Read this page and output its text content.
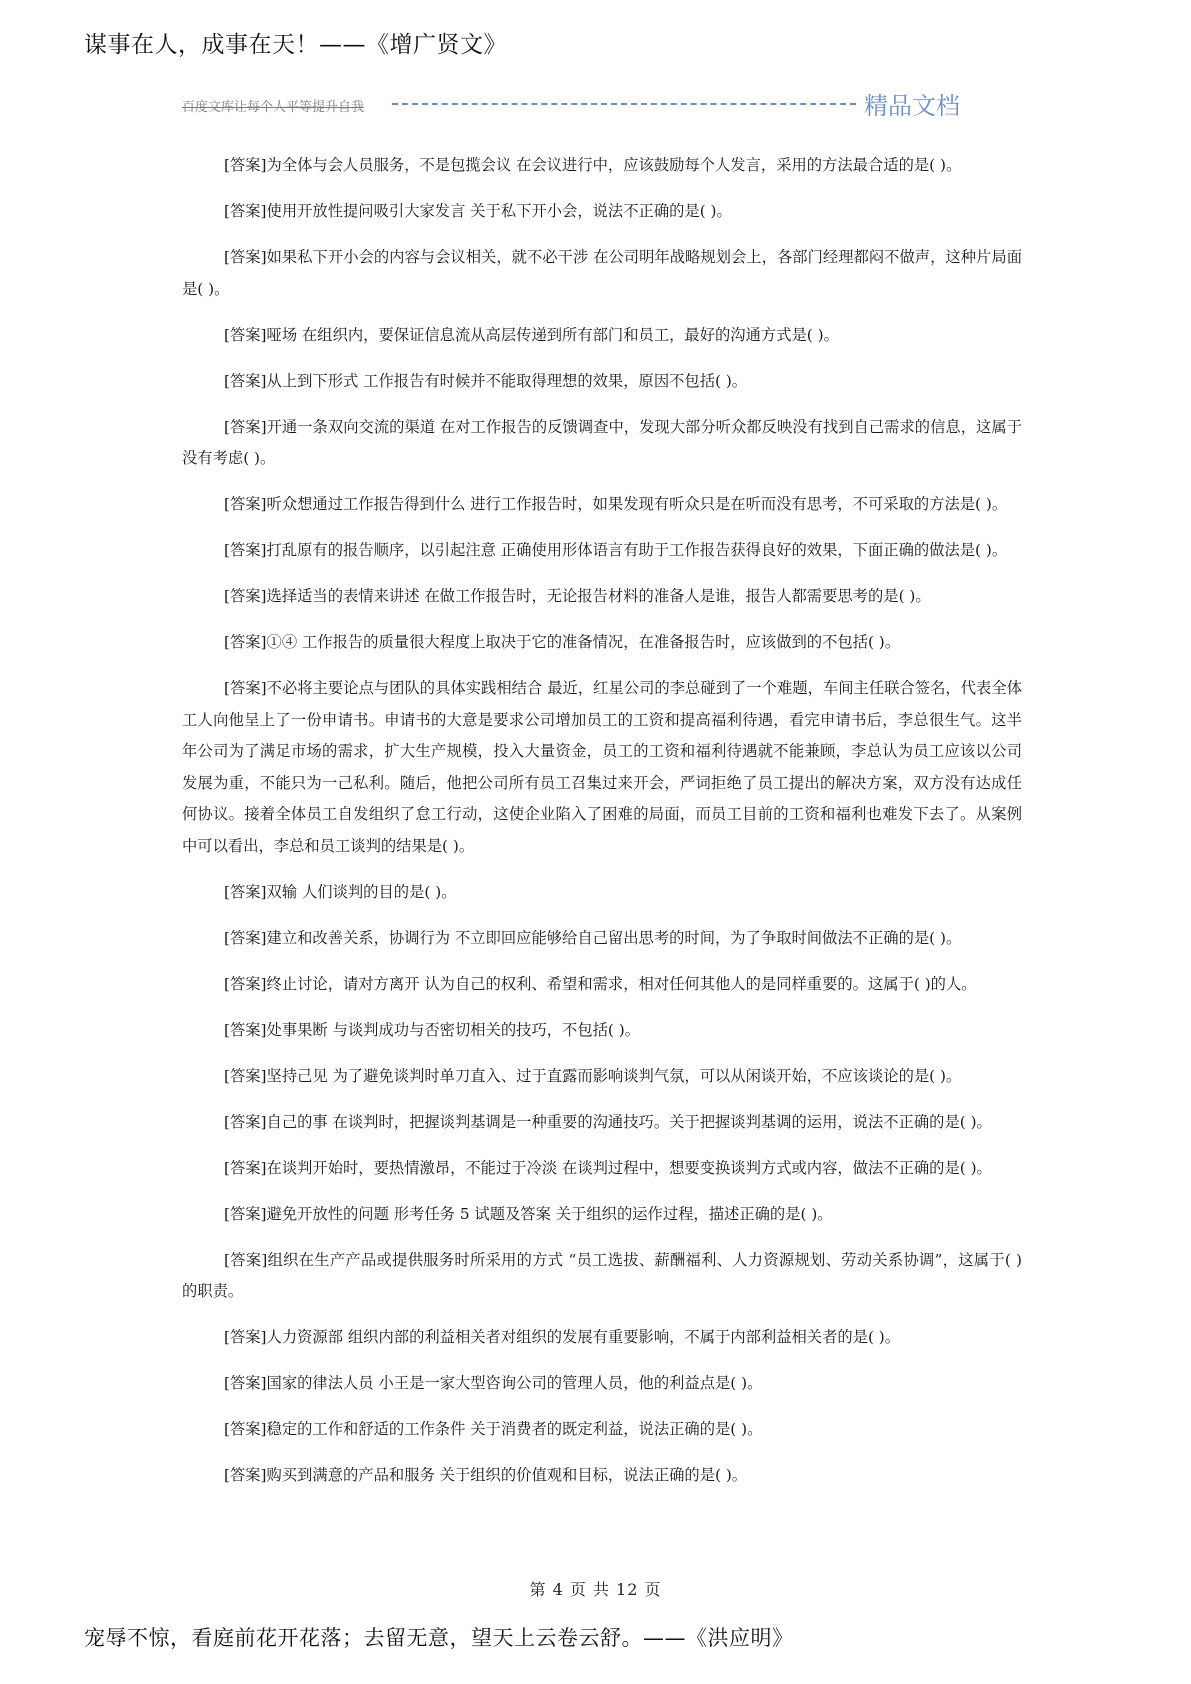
谋事在人，成事在天！——《增广贤文》
百度文库让每个人平等提升自我	精品文档

[答案]为全体与会人员服务，不是包揽会议 在会议进行中，应该鼓励每个人发言，采用的方法最合适的是( )。

[答案]使用开放性提问吸引大家发言 关于私下开小会，说法不正确的是( )。

[答案]如果私下开小会的内容与会议相关，就不必干涉 在公司明年战略规划会上，各部门经理都闷不做声，这种片局面是( )。

[答案]哑场 在组织内，要保证信息流从高层传递到所有部门和员工，最好的沟通方式是( )。

[答案]从上到下形式 工作报告有时候并不能取得理想的效果，原因不包括( )。

[答案]开通一条双向交流的渠道 在对工作报告的反馈调查中，发现大部分听众都反映没有找到自己需求的信息，这属于没有考虑( )。

[答案]听众想通过工作报告得到什么 进行工作报告时，如果发现有听众只是在听而没有思考，不可采取的方法是( )。

[答案]打乱原有的报告顺序，以引起注意 正确使用形体语言有助于工作报告获得良好的效果，下面正确的做法是( )。

[答案]选择适当的表情来讲述 在做工作报告时，无论报告材料的准备人是谁，报告人都需要思考的是( )。

[答案]①④ 工作报告的质量很大程度上取决于它的准备情况，在准备报告时，应该做到的不包括( )。

[答案]不必将主要论点与团队的具体实践相结合 最近，红星公司的李总碰到了一个难题，车间主任联合签名，代表全体工人向他呈上了一份申请书。申请书的大意是要求公司增加员工的工资和提高福利待遇，看完申请书后，李总很生气。这半年公司为了满足市场的需求，扩大生产规模，投入大量资金，员工的工资和福利待遇就不能兼顾，李总认为员工应该以公司发展为重，不能只为一己私利。随后，他把公司所有员工召集过来开会，严词拒绝了员工提出的解决方案，双方没有达成任何协议。接着全体员工自发组织了怠工行动，这使企业陷入了困难的局面，而员工目前的工资和福利也难发下去了。从案例中可以看出，李总和员工谈判的结果是( )。

[答案]双输 人们谈判的目的是( )。

[答案]建立和改善关系，协调行为 不立即回应能够给自己留出思考的时间，为了争取时间做法不正确的是( )。

[答案]终止讨论，请对方离开 认为自己的权利、希望和需求，相对任何其他人的是同样重要的。这属于( )的人。

[答案]处事果断 与谈判成功与否密切相关的技巧，不包括( )。

[答案]坚持己见 为了避免谈判时单刀直入、过于直露而影响谈判气氛，可以从闲谈开始，不应该谈论的是( )。

[答案]自己的事 在谈判时，把握谈判基调是一种重要的沟通技巧。关于把握谈判基调的运用，说法不正确的是( )。

[答案]在谈判开始时，要热情激昂，不能过于冷淡 在谈判过程中，想要变换谈判方式或内容，做法不正确的是( )。

[答案]避免开放性的问题 形考任务 5 试题及答案 关于组织的运作过程，描述正确的是( )。

[答案]组织在生产产品或提供服务时所采用的方式 “员工选拔、薪酬福利、人力资源规划、劳动关系协调”，这属于( )的职责。

[答案]人力资源部 组织内部的利益相关者对组织的发展有重要影响，不属于内部利益相关者的是( )。

[答案]国家的律法人员 小王是一家大型咨询公司的管理人员，他的利益点是( )。

[答案]稳定的工作和舒适的工作条件 关于消费者的既定利益，说法正确的是( )。

[答案]购买到满意的产品和服务 关于组织的价值观和目标，说法正确的是( )。

第 4 页 共 12 页
宠辱不惊，看庭前花开花落；去留无意，望天上云卷云舒。——《洪应明》
